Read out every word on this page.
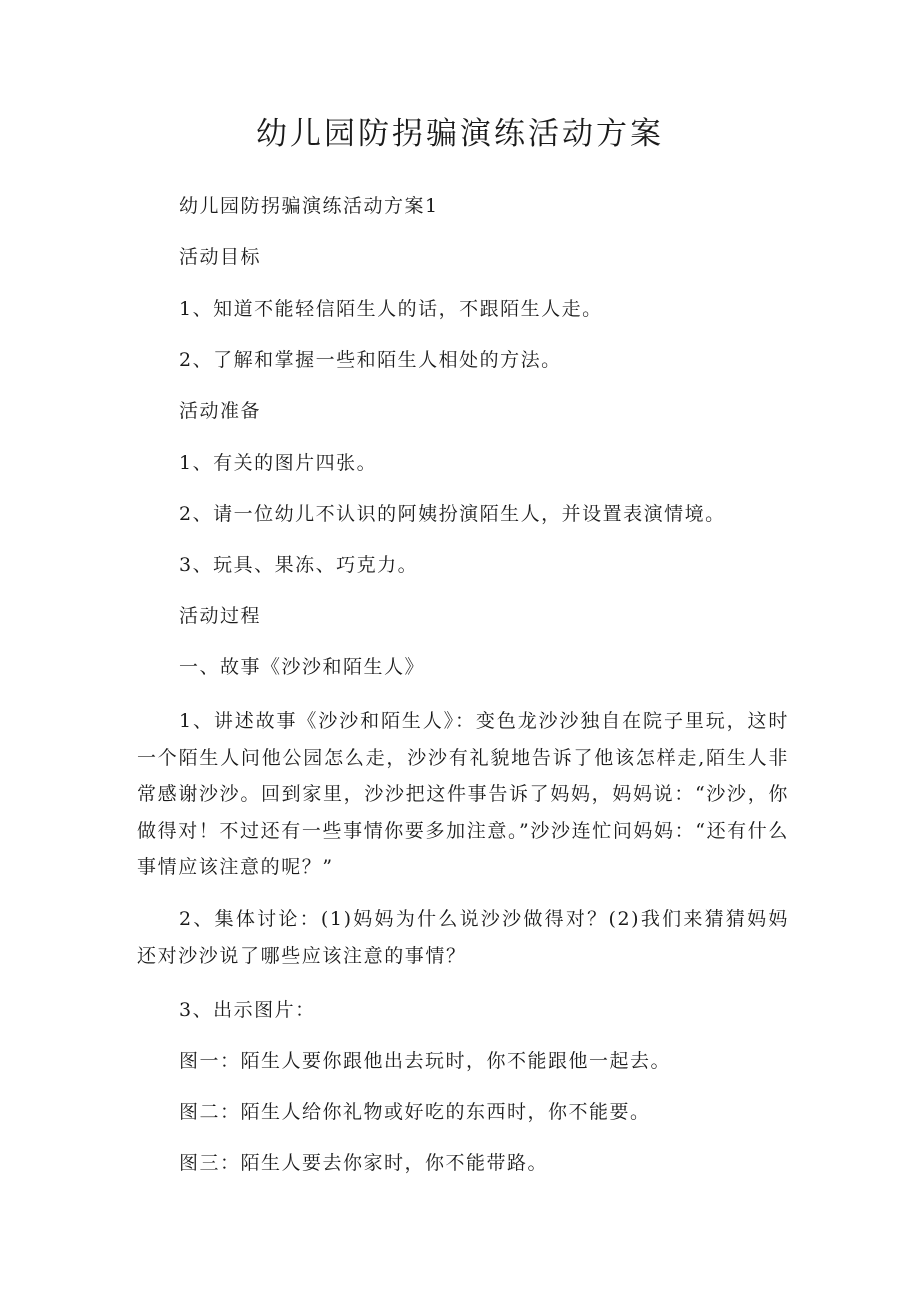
幼儿园防拐骗演练活动方案

幼儿园防拐骗演练活动方案1

活动目标

1、知道不能轻信陌生人的话，不跟陌生人走。

2、了解和掌握一些和陌生人相处的方法。

活动准备

1、有关的图片四张。

2、请一位幼儿不认识的阿姨扮演陌生人，并设置表演情境。

3、玩具、果冻、巧克力。

活动过程

一、故事《沙沙和陌生人》

1、讲述故事《沙沙和陌生人》：变色龙沙沙独自在院子里玩，这时一个陌生人问他公园怎么走，沙沙有礼貌地告诉了他该怎样走,陌生人非常感谢沙沙。回到家里，沙沙把这件事告诉了妈妈，妈妈说：“沙沙，你做得对！不过还有一些事情你要多加注意。”沙沙连忙问妈妈：“还有什么事情应该注意的呢？”

2、集体讨论：(1)妈妈为什么说沙沙做得对？(2)我们来猜猜妈妈还对沙沙说了哪些应该注意的事情？

3、出示图片：

图一：陌生人要你跟他出去玩时，你不能跟他一起去。

图二：陌生人给你礼物或好吃的东西时，你不能要。

图三：陌生人要去你家时，你不能带路。
